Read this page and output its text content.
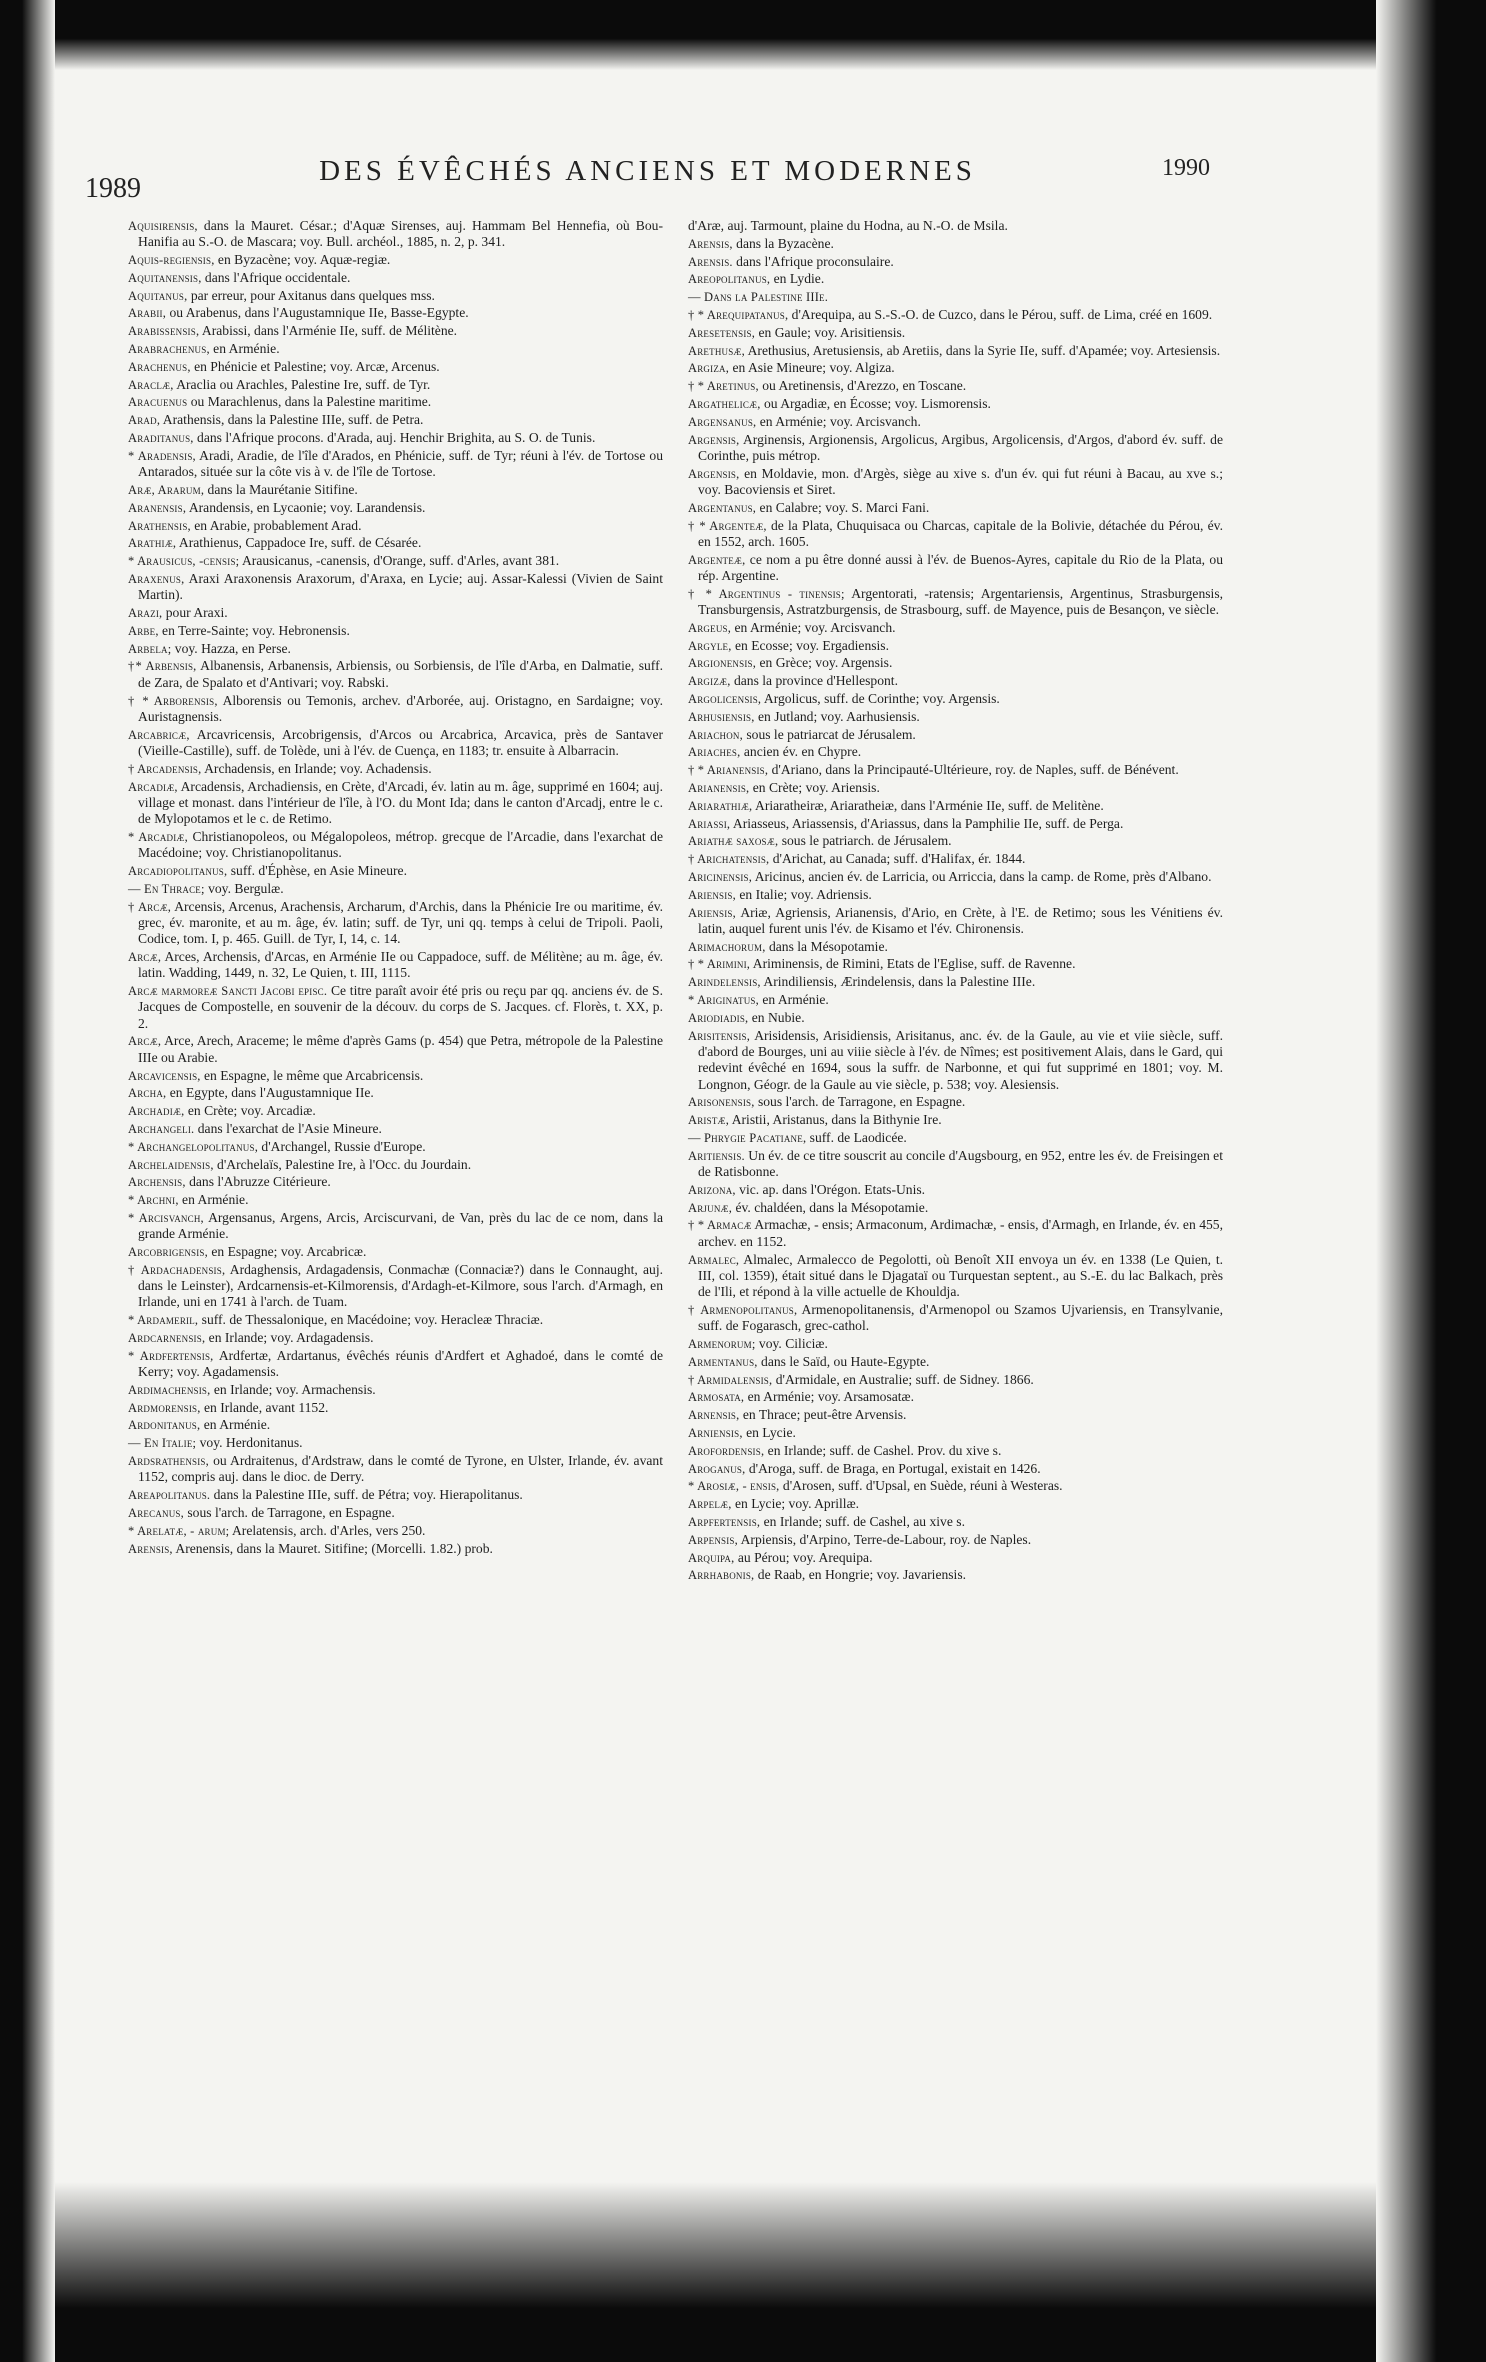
1989
DES ÉVÊCHÉS ANCIENS ET MODERNES	1990
Aquisirensis, dans la Mauret. César.; d'Aquæ Sirenses, auj. Hammam Bel Hennefia, où Bou-Hanifia au S.-O. de Mascara; voy. Bull. archéol., 1885, n. 2, p. 341.
Aquis-regiensis, en Byzacène; voy. Aquæ-regiæ.
Aquitanensis, dans l'Afrique occidentale.
Aquitanus, par erreur, pour Axitanus dans quelques mss.
Arabii, ou Arabenus, dans l'Augustamnique IIe, Basse-Egypte.
Arabissensis, Arabissi, dans l'Arménie IIe, suff. de Mélitène.
Arabrachenus, en Arménie.
Arachenus, en Phénicie et Palestine; voy. Arcæ, Arcenus.
Araclæ, Araclia ou Arachles, Palestine Ire, suff. de Tyr.
Aracuenus ou Marachlenus, dans la Palestine maritime.
Arad, Arathensis, dans la Palestine IIIe, suff. de Petra.
Araditanus, dans l'Afrique procons. d'Arada, auj. Henchir Brighita, au S. O. de Tunis.
* Aradensis, Aradi, Aradie, de l'île d'Arados, en Phénicie, suff. de Tyr; réuni à l'év. de Tortose ou Antarados, située sur la côte vis à v. de l'île de Tortose.
Aræ, Ararum, dans la Maurétanie Sitifine.
Aranensis, Arandensis, en Lycaonie; voy. Larandensis.
Arathensis, en Arabie, probablement Arad.
Arathiæ, Arathienus, Cappadoce Ire, suff. de Césarée.
* Arausicus, -censis; Arausicanus, -canensis, d'Orange, suff. d'Arles, avant 381.
Araxenus, Araxi Araxonensis Araxorum, d'Araxa, en Lycie; auj. Assar-Kalessi (Vivien de Saint Martin).
Arazi, pour Araxi.
Arbe, en Terre-Sainte; voy. Hebronensis.
Arbela; voy. Hazza, en Perse.
†* Arbensis, Albanensis, Arbanensis, Arbiensis, ou Sorbiensis, de l'île d'Arba, en Dalmatie, suff. de Zara, de Spalato et d'Antivari; voy. Rabski.
† * Arborensis, Alborensis ou Temonis, archev. d'Arborée, auj. Oristagno, en Sardaigne; voy. Auristagnensis.
Arcabricæ, Arcavricensis, Arcobrigensis, d'Arcos ou Arcabrica, Arcavica, près de Santaver (Vieille-Castille), suff. de Tolède, uni à l'év. de Cuença, en 1183; tr. ensuite à Albarracin.
† Arcadensis, Archadensis, en Irlande; voy. Achadensis.
Arcadiæ, Arcadensis, Archadiensis, en Crète, d'Arcadi, év. latin au m. âge, supprimé en 1604; auj. village et monast. dans l'intérieur de l'île, à l'O. du Mont Ida; dans le canton d'Arcadj, entre le c. de Mylopotamos et le c. de Retimo.
* Arcadiæ, Christianopoleos, ou Mégalopoleos, métrop. grecque de l'Arcadie, dans l'exarchat de Macédoine; voy. Christianopolitanus.
Arcadiopolitanus, suff. d'Éphèse, en Asie Mineure.
— En Thrace; voy. Bergulæ.
† Arcæ, Arcensis, Arcenus, Arachensis, Archarum, d'Archis, dans la Phénicie Ire ou maritime, év. grec, év. maronite, et au m. âge, év. latin; suff. de Tyr, uni qq. temps à celui de Tripoli. Paoli, Codice, tom. I, p. 465. Guill. de Tyr, I, 14, c. 14.
Arcæ, Arces, Archensis, d'Arcas, en Arménie IIe ou Cappadoce, suff. de Mélitène; au m. âge, év. latin. Wadding, 1449, n. 32, Le Quien, t. III, 1115.
Arcæ marmoreæ Sancti Jacobi episc. Ce titre paraît avoir été pris ou reçu par qq. anciens év. de S. Jacques de Compostelle, en souvenir de la découv. du corps de S. Jacques. cf. Florès, t. XX, p. 2.
Arcæ, Arce, Arech, Araceme; le même d'après Gams (p. 454) que Petra, métropole de la Palestine IIIe ou Arabie.
Arcavicensis, en Espagne, le même que Arcabricensis.
Archa, en Egypte, dans l'Augustamnique IIe.
Archadiæ, en Crète; voy. Arcadiæ.
Archangeli. dans l'exarchat de l'Asie Mineure.
* Archangelopolitanus, d'Archangel, Russie d'Europe.
Archelaidensis, d'Archelaïs, Palestine Ire, à l'Occ. du Jourdain.
Archensis, dans l'Abruzze Citérieure.
* Archni, en Arménie.
* Arcisvanch, Argensanus, Argens, Arcis, Arciscurvani, de Van, près du lac de ce nom, dans la grande Arménie.
Arcobrigensis, en Espagne; voy. Arcabricæ.
† Ardachadensis, Ardaghensis, Ardagadensis, Conmachæ (Connaciæ?) dans le Connaught, auj. dans le Leinster), Ardcarnensis-et-Kilmorensis, d'Ardagh-et-Kilmore, sous l'arch. d'Armagh, en Irlande, uni en 1741 à l'arch. de Tuam.
* Ardameril, suff. de Thessalonique, en Macédoine; voy. Heracleæ Thraciæ.
Ardcarnensis, en Irlande; voy. Ardagadensis.
* Ardfertensis, Ardfertæ, Ardartanus, évêchés réunis d'Ardfert et Aghadoé, dans le comté de Kerry; voy. Agadamensis.
Ardimachensis, en Irlande; voy. Armachensis.
Ardmorensis, en Irlande, avant 1152.
Ardonitanus, en Arménie.
— En Italie; voy. Herdonitanus.
Ardsrathensis, ou Ardraitenus, d'Ardstraw, dans le comté de Tyrone, en Ulster, Irlande, év. avant 1152, compris auj. dans le dioc. de Derry.
Areapolitanus. dans la Palestine IIIe, suff. de Pétra; voy. Hierapolitanus.
Arecanus, sous l'arch. de Tarragone, en Espagne.
* Arelatæ, - arum; Arelatensis, arch. d'Arles, vers 250.
Arensis, Arenensis, dans la Mauret. Sitifine; (Morcelli. 1.82.) prob.
d'Aræ, auj. Tarmount, plaine du Hodna, au N.-O. de Msila.
Arensis, dans la Byzacène.
Arensis. dans l'Afrique proconsulaire.
Areopolitanus, en Lydie.
— Dans la Palestine IIIe.
† * Arequipatanus, d'Arequipa, au S.-S.-O. de Cuzco, dans le Pérou, suff. de Lima, créé en 1609.
Aresetensis, en Gaule; voy. Arisitiensis.
Arethusæ, Arethusius, Aretusiensis, ab Aretiis, dans la Syrie IIe, suff. d'Apamée; voy. Artesiensis.
Argiza, en Asie Mineure; voy. Algiza.
† * Aretinus, ou Aretinensis, d'Arezzo, en Toscane.
Argathelicæ, ou Argadiæ, en Écosse; voy. Lismorensis.
Argensanus, en Arménie; voy. Arcisvanch.
Argensis, Arginensis, Argionensis, Argolicus, Argibus, Argolicensis, d'Argos, d'abord év. suff. de Corinthe, puis métrop.
Argensis, en Moldavie, mon. d'Argès, siège au xive s. d'un év. qui fut réuni à Bacau, au xve s.; voy. Bacoviensis et Siret.
Argentanus, en Calabre; voy. S. Marci Fani.
† * Argenteæ, de la Plata, Chuquisaca ou Charcas, capitale de la Bolivie, détachée du Pérou, év. en 1552, arch. 1605.
Argenteæ, ce nom a pu être donné aussi à l'év. de Buenos-Ayres, capitale du Rio de la Plata, ou rép. Argentine.
† * Argentinus - tinensis; Argentorati, -ratensis; Argentariensis, Argentinus, Strasburgensis, Transburgensis, Astratzburgensis, de Strasbourg, suff. de Mayence, puis de Besançon, ve siècle.
Argeus, en Arménie; voy. Arcisvanch.
Argyle, en Ecosse; voy. Ergadiensis.
Argionensis, en Grèce; voy. Argensis.
Argizæ, dans la province d'Hellespont.
Argolicensis, Argolicus, suff. de Corinthe; voy. Argensis.
Arhusiensis, en Jutland; voy. Aarhusiensis.
Ariachon, sous le patriarcat de Jérusalem.
Ariaches, ancien év. en Chypre.
† * Arianensis, d'Ariano, dans la Principauté-Ultérieure, roy. de Naples, suff. de Bénévent.
Arianensis, en Crète; voy. Ariensis.
Ariarathiæ, Ariaratheiræ, Ariaratheiæ, dans l'Arménie IIe, suff. de Melitène.
Ariassi, Ariasseus, Ariassensis, d'Ariassus, dans la Pamphilie IIe, suff. de Perga.
Ariathæ saxosæ, sous le patriarch. de Jérusalem.
† Arichatensis, d'Arichat, au Canada; suff. d'Halifax, ér. 1844.
Aricinensis, Aricinus, ancien év. de Larricia, ou Arriccia, dans la camp. de Rome, près d'Albano.
Ariensis, en Italie; voy. Adriensis.
Ariensis, Ariæ, Agriensis, Arianensis, d'Ario, en Crète, à l'E. de Retimo; sous les Vénitiens év. latin, auquel furent unis l'év. de Kisamo et l'év. Chironensis.
Arimachorum, dans la Mésopotamie.
† * Arimini, Ariminensis, de Rimini, Etats de l'Eglise, suff. de Ravenne.
Arindelensis, Arindiliensis, Ærindelensis, dans la Palestine IIIe.
* Ariginatus, en Arménie.
Ariodiadis, en Nubie.
Arisitensis, Arisidensis, Arisidiensis, Arisitanus, anc. év. de la Gaule, au vie et viie siècle, suff. d'abord de Bourges, uni au viiie siècle à l'év. de Nîmes; est positivement Alais, dans le Gard, qui redevint évêché en 1694, sous la suffr. de Narbonne, et qui fut supprimé en 1801; voy. M. Longnon, Géogr. de la Gaule au vie siècle, p. 538; voy. Alesiensis.
Arisonensis, sous l'arch. de Tarragone, en Espagne.
Aristæ, Aristii, Aristanus, dans la Bithynie Ire.
— Phrygie Pacatiane, suff. de Laodicée.
Aritiensis. Un év. de ce titre souscrit au concile d'Augsbourg, en 952, entre les év. de Freisingen et de Ratisbonne.
Arizona, vic. ap. dans l'Orégon. Etats-Unis.
Arjunæ, év. chaldéen, dans la Mésopotamie.
† * Armacæ Armachæ, - ensis; Armaconum, Ardimachæ, - ensis, d'Armagh, en Irlande, év. en 455, archev. en 1152.
Armalec, Almalec, Armalecco de Pegolotti, où Benoît XII envoya un év. en 1338 (Le Quien, t. III, col. 1359), était situé dans le Djagataï ou Turquestan septent., au S.-E. du lac Balkach, près de l'Ili, et répond à la ville actuelle de Khouldja.
† Armenopolitanus, Armenopolitanensis, d'Armenopol ou Szamos Ujvariensis, en Transylvanie, suff. de Fogarasch, grec-cathol.
Armenorum; voy. Ciliciæ.
Armentanus, dans le Saïd, ou Haute-Egypte.
† Armidalensis, d'Armidale, en Australie; suff. de Sidney. 1866.
Armosata, en Arménie; voy. Arsamosatæ.
Arnensis, en Thrace; peut-être Arvensis.
Arniensis, en Lycie.
Arofordensis, en Irlande; suff. de Cashel. Prov. du xive s.
Aroganus, d'Aroga, suff. de Braga, en Portugal, existait en 1426.
* Arosiæ, - ensis, d'Arosen, suff. d'Upsal, en Suède, réuni à Westeras.
Arpelæ, en Lycie; voy. Aprillæ.
Arpfertensis, en Irlande; suff. de Cashel, au xive s.
Arpensis, Arpiensis, d'Arpino, Terre-de-Labour, roy. de Naples.
Arquipa, au Pérou; voy. Arequipa.
Arrhabonis, de Raab, en Hongrie; voy. Javariensis.
